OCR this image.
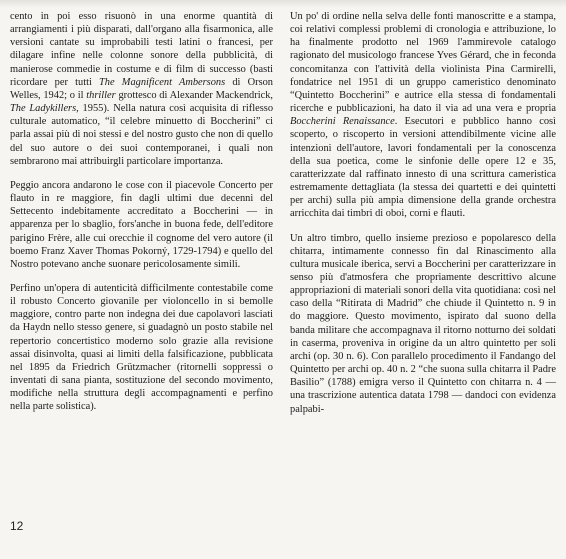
cento in poi esso risuonò in una enorme quantità di arrangiamenti i più disparati, dall'organo alla fisarmonica, alle versioni cantate su improbabili testi latini o francesi, per dilagare infine nelle colonne sonore della pubblicità, di manierose commedie in costume e di film di successo (basti ricordare per tutti The Magnificent Ambersons di Orson Welles, 1942; o il thriller grottesco di Alexander Mackendrick, The Ladykillers, 1955). Nella natura così acquisita di riflesso culturale automatico, “il celebre minuetto di Boccherini” ci parla assai più di noi stessi e del nostro gusto che non di quello del suo autore o dei suoi contemporanei, i quali non sembrarono mai attribuirgli particolare importanza.

Peggio ancora andarono le cose con il piacevole Concerto per flauto in re maggiore, fin dagli ultimi due decenni del Settecento indebitamente accreditato a Boccherini — in apparenza per lo sbaglio, fors'anche in buona fede, dell'editore parigino Frère, alle cui orecchie il cognome del vero autore (il boemo Franz Xaver Thomas Pokorný, 1729-1794) e quello del Nostro potevano anche suonare pericolosamente simili.

Perfino un'opera di autenticità difficilmente contestabile come il robusto Concerto giovanile per violoncello in si bemolle maggiore, contro parte non indegna dei due capolavori lasciati da Haydn nello stesso genere, si guadagnò un posto stabile nel repertorio concertistico moderno solo grazie alla revisione assai disinvolta, quasi ai limiti della falsificazione, pubblicata nel 1895 da Friedrich Grützmacher (ritornelli soppressi o inventati di sana pianta, sostituzione del secondo movimento, modifiche nella struttura degli accompagnamenti e perfino nella parte solistica).

Un po' di ordine nella selva delle fonti manoscritte e a stampa, coi relativi complessi problemi di cronologia e attribuzione, lo ha finalmente prodotto nel 1969 l'ammirevole catalogo ragionato del musicologo francese Yves Gérard, che in feconda concomitanza con l'attività della violinista Pina Carmirelli, fondatrice nel 1951 di un gruppo cameristico denominato “Quintetto Boccherini” e autrice ella stessa di fondamentali ricerche e pubblicazioni, ha dato il via ad una vera e propria Boccherini Renaissance. Esecutori e pubblico hanno così scoperto, o riscoperto in versioni attendibilmente vicine alle intenzioni dell'autore, lavori fondamentali per la conoscenza della sua poetica, come le sinfonie delle opere 12 e 35, caratterizzate dal raffinato innesto di una scrittura cameristica estremamente dettagliata (la stessa dei quartetti e dei quintetti per archi) sulla più ampia dimensione della grande orchestra arricchita dai timbri di oboi, corni e flauti.

Un altro timbro, quello insieme prezioso e popolaresco della chitarra, intimamente connesso fin dal Rinascimento alla cultura musicale iberica, servì a Boccherini per caratterizzare in senso più d'atmosfera che propriamente descrittivo alcune appropriazioni di materiali sonori della vita quotidiana: così nel caso della “Ritirata di Madrid” che chiude il Quintetto n. 9 in do maggiore. Questo movimento, ispirato dal suono della banda militare che accompagnava il ritorno notturno dei soldati in caserma, proveniva in origine da un altro quintetto per soli archi (op. 30 n. 6). Con parallelo procedimento il Fandango del Quintetto per archi op. 40 n. 2 “che suona sulla chitarra il Padre Basilio” (1788) emigra verso il Quintetto con chitarra n. 4 — una trascrizione autentica datata 1798 — dandoci con evidenza palpabi-

12
